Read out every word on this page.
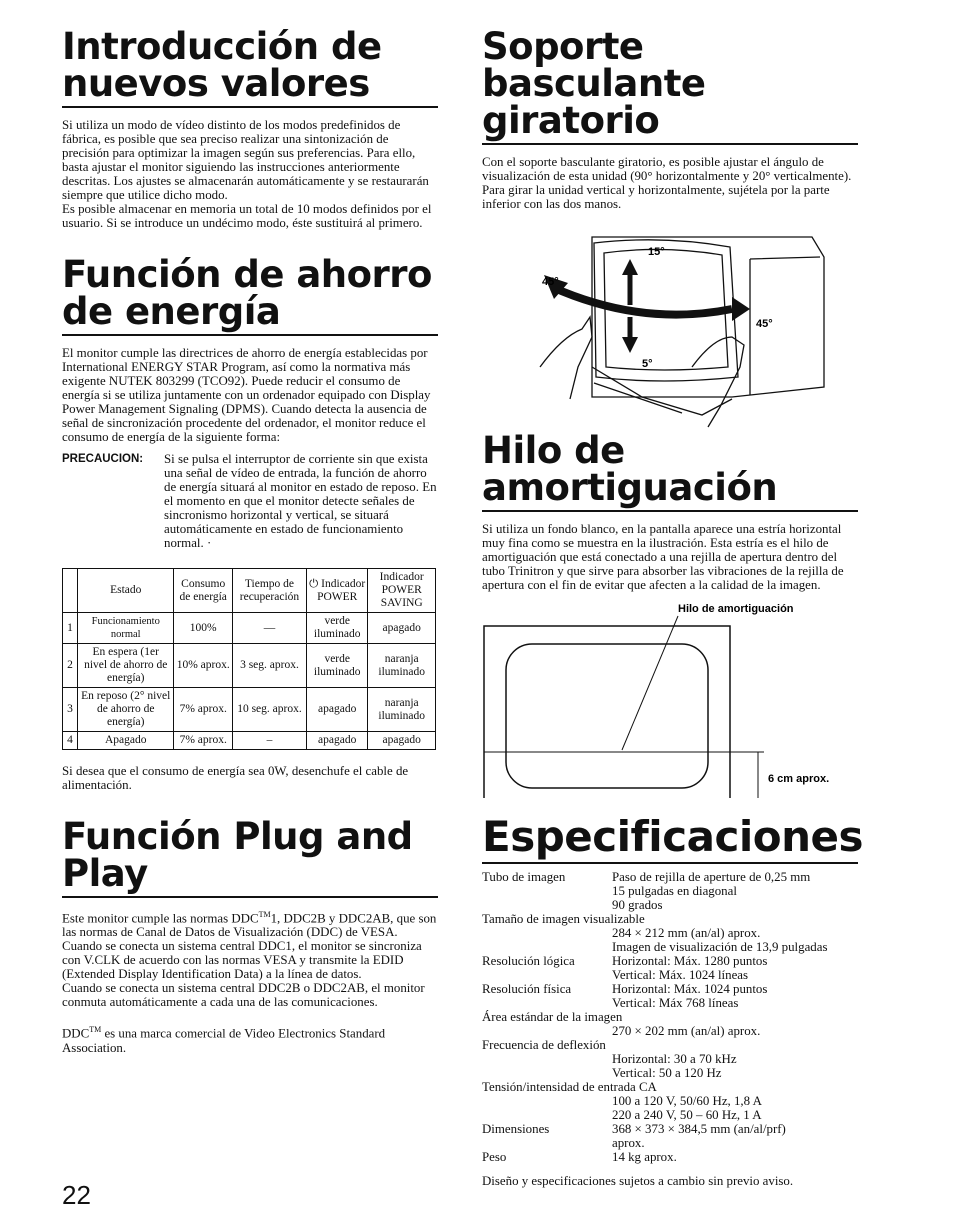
Introducción de nuevos valores

Si utiliza un modo de vídeo distinto de los modos predefinidos de fábrica, es posible que sea preciso realizar una sintonización de precisión para optimizar la imagen según sus preferencias. Para ello, basta ajustar el monitor siguiendo las instrucciones anteriormente descritas. Los ajustes se almacenarán automáticamente y se restaurarán siempre que utilice dicho modo.

Es posible almacenar en memoria un total de 10 modos definidos por el usuario. Si se introduce un undécimo modo, éste sustituirá al primero.

Función de ahorro de energía

El monitor cumple las directrices de ahorro de energía establecidas por International ENERGY STAR Program, así como la normativa más exigente NUTEK 803299 (TCO92). Puede reducir el consumo de energía si se utiliza juntamente con un ordenador equipado con Display Power Management Signaling (DPMS). Cuando detecta la ausencia de señal de sincronización procedente del ordenador, el monitor reduce el consumo de energía de la siguiente forma:

PRECAUCION:	Si se pulsa el interruptor de corriente sin que exista una señal de vídeo de entrada, la función de ahorro de energía situará al monitor en estado de reposo. En el momento en que el monitor detecte señales de sincronismo horizontal y vertical, se situará automáticamente en estado de funcionamiento normal. ·
	Estado	Consumo de energía	Tiempo de recuperación	⏻ Indicador POWER	Indicador POWER SAVING
1	Funcionamiento normal	100%	—	verde iluminado	apagado
2	En espera (1er nivel de ahorro de energía)	10% aprox.	3 seg. aprox.	verde iluminado	naranja iluminado
3	En reposo (2° nivel de ahorro de energía)	7% aprox.	10 seg. aprox.	apagado	naranja iluminado
4	Apagado	7% aprox.	–	apagado	apagado

Si desea que el consumo de energía sea 0W, desenchufe el cable de alimentación.

Función Plug and Play

Este monitor cumple las normas DDC™1, DDC2B y DDC2AB, que son las normas de Canal de Datos de Visualización (DDC) de VESA.

Cuando se conecta un sistema central DDC1, el monitor se sincroniza con V.CLK de acuerdo con las normas VESA y transmite la EDID (Extended Display Identification Data) a la línea de datos.

Cuando se conecta un sistema central DDC2B o DDC2AB, el monitor conmuta automáticamente a cada una de las comunicaciones.

DDC™ es una marca comercial de Video Electronics Standard Association.

Soporte basculante giratorio

Con el soporte basculante giratorio, es posible ajustar el ángulo de visualización de esta unidad (90° horizontalmente y 20° verticalmente).

Para girar la unidad vertical y horizontalmente, sujétela por la parte inferior con las dos manos.

15°
5°
45°
45°
Hilo de amortiguación

Si utiliza un fondo blanco, en la pantalla aparece una estría horizontal muy fina como se muestra en la ilustración. Esta estría es el hilo de amortiguación que está conectado a una rejilla de apertura dentro del tubo Trinitron y que sirve para absorber las vibraciones de la rejilla de apertura con el fin de evitar que afecten a la calidad de la imagen.

Hilo de amortiguación
6 cm aprox.
Especificaciones
Tubo de imagen	Paso de rejilla de aperture de 0,25 mm
15 pulgadas en diagonal
90 grados
Tamaño de imagen visualizable
284 × 212 mm (an/al) aprox.
Imagen de visualización de 13,9 pulgadas
Resolución lógica	Horizontal: Máx. 1280 puntos
Vertical: Máx. 1024 líneas
Resolución física	Horizontal: Máx. 1024 puntos
Vertical: Máx 768 líneas
Área estándar de la imagen
270 × 202 mm (an/al) aprox.
Frecuencia de deflexión
Horizontal: 30 a 70 kHz
Vertical: 50 a 120 Hz
Tensión/intensidad de entrada CA
100 a 120 V, 50/60 Hz, 1,8 A
220 a 240 V, 50 – 60 Hz, 1 A
Dimensiones	368 × 373 × 384,5 mm (an/al/prf)
aprox.
Peso	14 kg aprox.
Diseño y especificaciones sujetos a cambio sin previo aviso.
22
